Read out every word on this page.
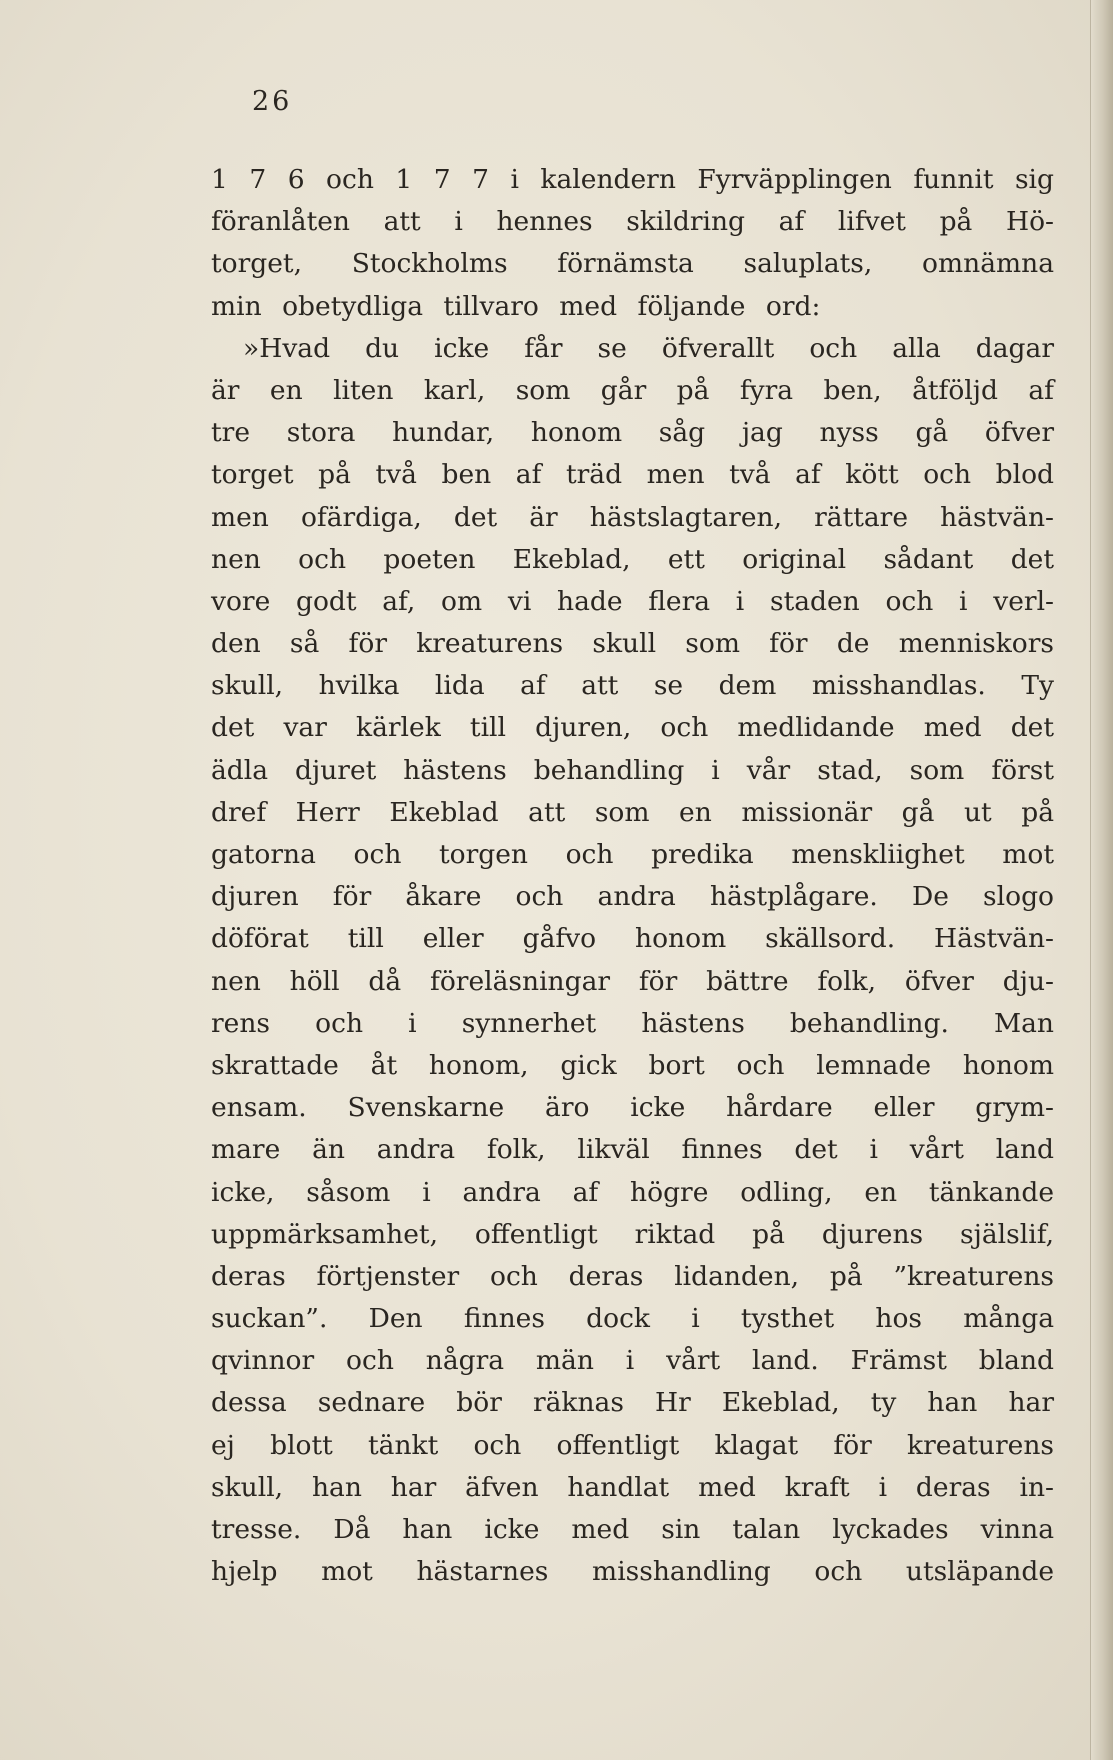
26
1 7 6 och 1 7 7 i kalendern Fyrväpplingen funnit sig
föranlåten att i hennes skildring af lifvet på Hö-
torget, Stockholms förnämsta saluplats, omnämna
min obetydliga tillvaro med följande ord:
»Hvad du icke får se öfverallt och alla dagar
är en liten karl, som går på fyra ben, åtföljd af
tre stora hundar, honom såg jag nyss gå öfver
torget på två ben af träd men två af kött och blod
men ofärdiga, det är hästslagtaren, rättare hästvän-
nen och poeten Ekeblad, ett original sådant det
vore godt af, om vi hade flera i staden och i verl-
den så för kreaturens skull som för de menniskors
skull, hvilka lida af att se dem misshandlas. Ty
det var kärlek till djuren, och medlidande med det
ädla djuret hästens behandling i vår stad, som först
dref Herr Ekeblad att som en missionär gå ut på
gatorna och torgen och predika menskliighet mot
djuren för åkare och andra hästplågare. De slogo
döförat till eller gåfvo honom skällsord. Hästvän-
nen höll då föreläsningar för bättre folk, öfver dju-
rens och i synnerhet hästens behandling. Man
skrattade åt honom, gick bort och lemnade honom
ensam. Svenskarne äro icke hårdare eller grym-
mare än andra folk, likväl finnes det i vårt land
icke, såsom i andra af högre odling, en tänkande
uppmärksamhet, offentligt riktad på djurens själslif,
deras förtjenster och deras lidanden, på ”kreaturens
suckan”. Den finnes dock i tysthet hos många
qvinnor och några män i vårt land. Främst bland
dessa sednare bör räknas Hr Ekeblad, ty han har
ej blott tänkt och offentligt klagat för kreaturens
skull, han har äfven handlat med kraft i deras in-
tresse. Då han icke med sin talan lyckades vinna
hjelp mot hästarnes misshandling och utsläpande
